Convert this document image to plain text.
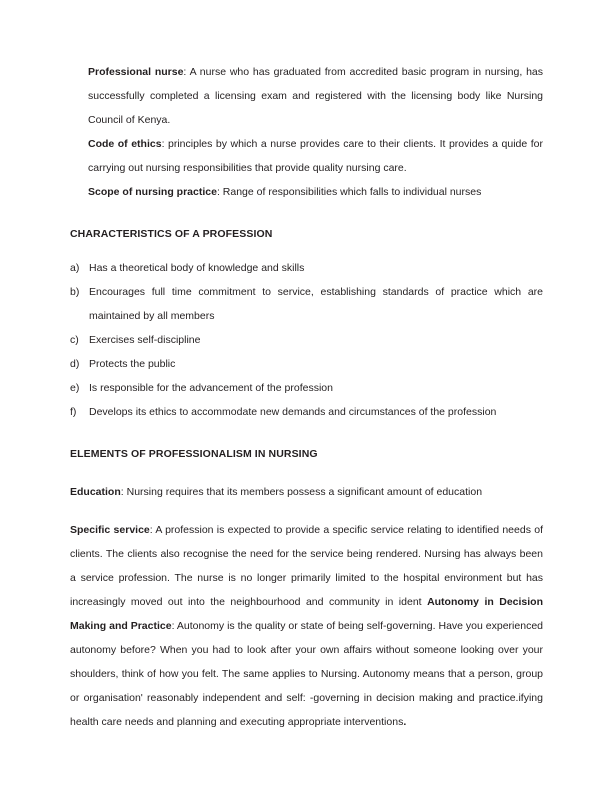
Professional nurse: A nurse who has graduated from accredited basic program in nursing, has successfully completed a licensing exam and registered with the licensing body like Nursing Council of Kenya.

Code of ethics: principles by which a nurse provides care to their clients. It provides a quide for carrying out nursing responsibilities that provide quality nursing care.

Scope of nursing practice: Range of responsibilities which falls to individual nurses

CHARACTERISTICS OF A PROFESSION

a) Has a theoretical body of knowledge and skills
b) Encourages full time commitment to service, establishing standards of practice which are maintained by all members
c) Exercises self-discipline
d) Protects the public
e) Is responsible for the advancement of the profession
f)	Develops its ethics to accommodate new demands and circumstances of the profession

ELEMENTS OF PROFESSIONALISM IN NURSING

Education: Nursing requires that its members possess a significant amount of education

Specific service: A profession is expected to provide a specific service relating to identified needs of clients. The clients also recognise the need for the service being rendered. Nursing has always been a service profession. The nurse is no longer primarily limited to the hospital environment but has increasingly moved out into the neighbourhood and community in ident Autonomy in Decision Making and Practice: Autonomy is the quality or state of being self-governing. Have you experienced autonomy before? When you had to look after your own affairs without someone looking over your shoulders, think of how you felt. The same applies to Nursing. Autonomy means that a person, group or organisation' reasonably independent and self: -governing in decision making and practice.ifying health care needs and planning and executing appropriate interventions.
